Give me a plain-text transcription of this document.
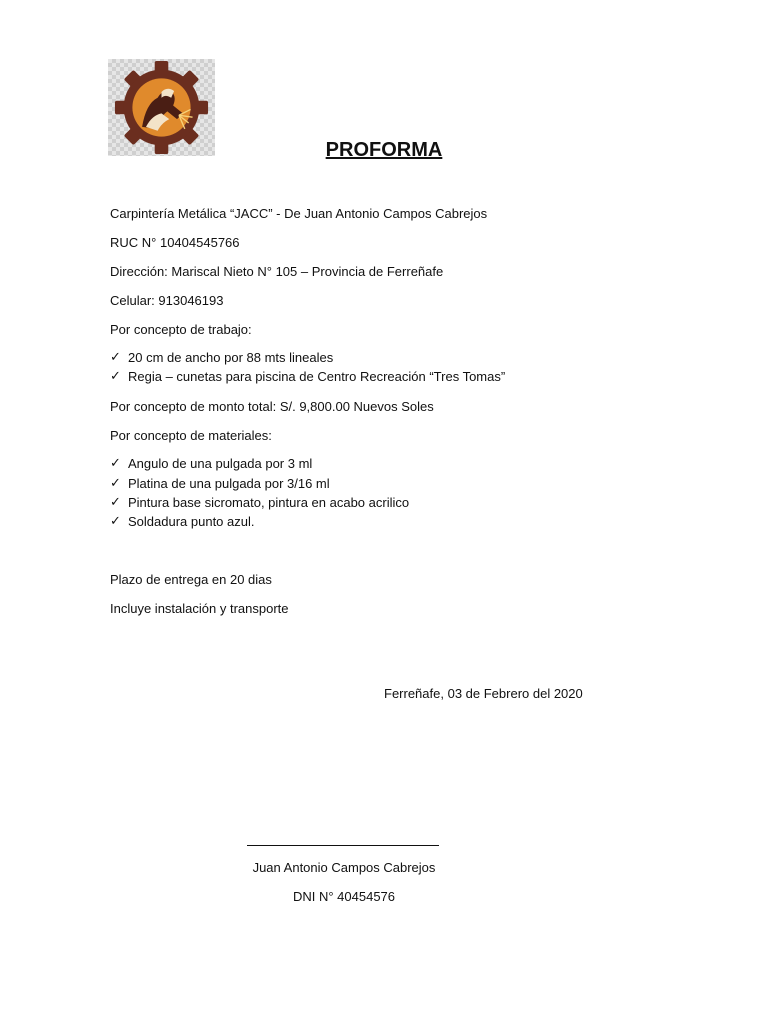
PROFORMA
Carpintería Metálica “JACC” - De Juan Antonio Campos Cabrejos
RUC N° 10404545766
Dirección: Mariscal Nieto N° 105 – Provincia de Ferreñafe
Celular: 913046193
Por concepto de trabajo:
✓ 20 cm de ancho por 88 mts lineales
✓ Regia – cunetas para piscina de Centro Recreación “Tres Tomas”
Por concepto de monto total: S/. 9,800.00 Nuevos Soles
Por concepto de materiales:
✓ Angulo de una pulgada por 3 ml
✓ Platina de una pulgada por 3/16 ml
✓ Pintura base sicromato, pintura en acabo acrilico
✓ Soldadura punto azul.
Plazo de entrega en 20 dias
Incluye instalación y transporte
Ferreñafe, 03 de Febrero del 2020
Juan Antonio Campos Cabrejos
DNI N° 40454576
